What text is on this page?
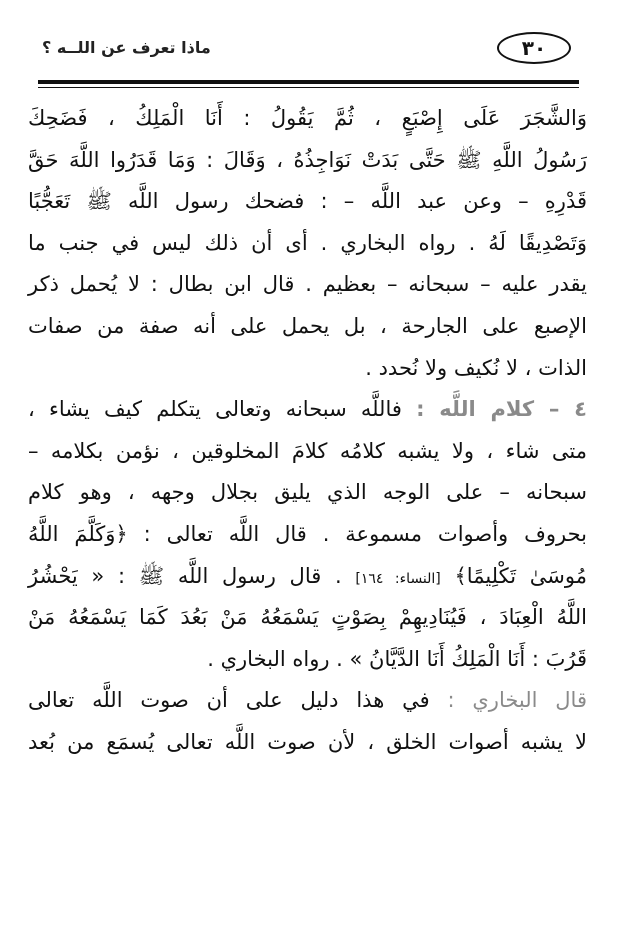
٣٠
ماذا تعرف عن اللــه ؟
وَالشَّجَرَ عَلَى إِصْبَعٍ ، ثُمَّ يَقُولُ : أَنَا الْمَلِكُ ، فَضَحِكَ
رَسُولُ اللَّهِ ﷺ حَتَّى بَدَتْ نَوَاجِذُهُ ، وَقَالَ : وَمَا قَدَرُوا اللَّهَ حَقَّ
قَدْرِهِ – وعن عبد اللَّه – : فضحك رسول اللَّه ﷺ تَعَجُّبًا
وَتَصْدِيقًا لَهُ . رواه البخاري . أى أن ذلك ليس في جنب ما
يقدر عليه – سبحانه – بعظيم . قال ابن بطال : لا يُحمل ذكر
الإصبع على الجارحة ، بل يحمل على أنه صفة من صفات
الذات ، لا نُكيف ولا نُحدد .
٤ – كلام اللَّه : فاللَّه سبحانه وتعالى يتكلم كيف يشاء ،
متى شاء ، ولا يشبه كلامُه كلامَ المخلوقين ، نؤمن بكلامه –
سبحانه – على الوجه الذي يليق بجلال وجهه ، وهو كلام
بحروف وأصوات مسموعة . قال اللَّه تعالى : ﴿وَكَلَّمَ اللَّهُ
مُوسَىٰ تَكْلِيمًا﴾ [النساء: ١٦٤] . قال رسول اللَّه ﷺ : « يَحْشُرُ
اللَّهُ الْعِبَادَ ، فَيُنَادِيهِمْ بِصَوْتٍ يَسْمَعُهُ مَنْ بَعُدَ كَمَا يَسْمَعُهُ مَنْ
قَرُبَ : أَنَا الْمَلِكُ أَنَا الدَّيَّانُ » . رواه البخاري .
قال البخاري : في هذا دليل على أن صوت اللَّه تعالى
لا يشبه أصوات الخلق ، لأن صوت اللَّه تعالى يُسمَع من بُعد
